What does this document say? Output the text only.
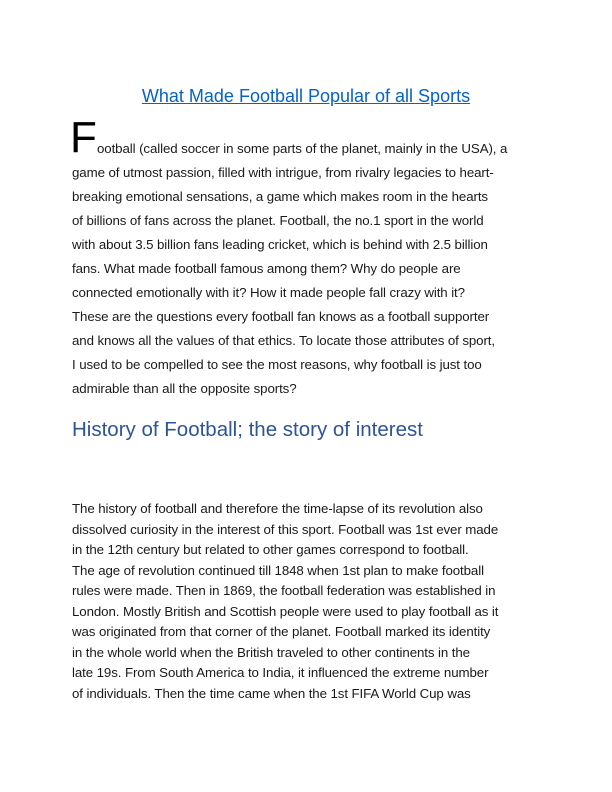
What Made Football Popular of all Sports
F ootball (called soccer in some parts of the planet, mainly in the USA), a
game of utmost passion, filled with intrigue, from rivalry legacies to heart-
breaking emotional sensations, a game which makes room in the hearts
of billions of fans across the planet. Football, the no.1 sport in the world
with about 3.5 billion fans leading cricket, which is behind with 2.5 billion
fans. What made football famous among them? Why do people are
connected emotionally with it? How it made people fall crazy with it?
These are the questions every football fan knows as a football supporter
and knows all the values of that ethics. To locate those attributes of sport,
I used to be compelled to see the most reasons, why football is just too
admirable than all the opposite sports?
History of Football; the story of interest
The history of football and therefore the time-lapse of its revolution also
dissolved curiosity in the interest of this sport. Football was 1st ever made
in the 12th century but related to other games correspond to football.
The age of revolution continued till 1848 when 1st plan to make football
rules were made. Then in 1869, the football federation was established in
London. Mostly British and Scottish people were used to play football as it
was originated from that corner of the planet. Football marked its identity
in the whole world when the British traveled to other continents in the
late 19s. From South America to India, it influenced the extreme number
of individuals. Then the time came when the 1st FIFA World Cup was
